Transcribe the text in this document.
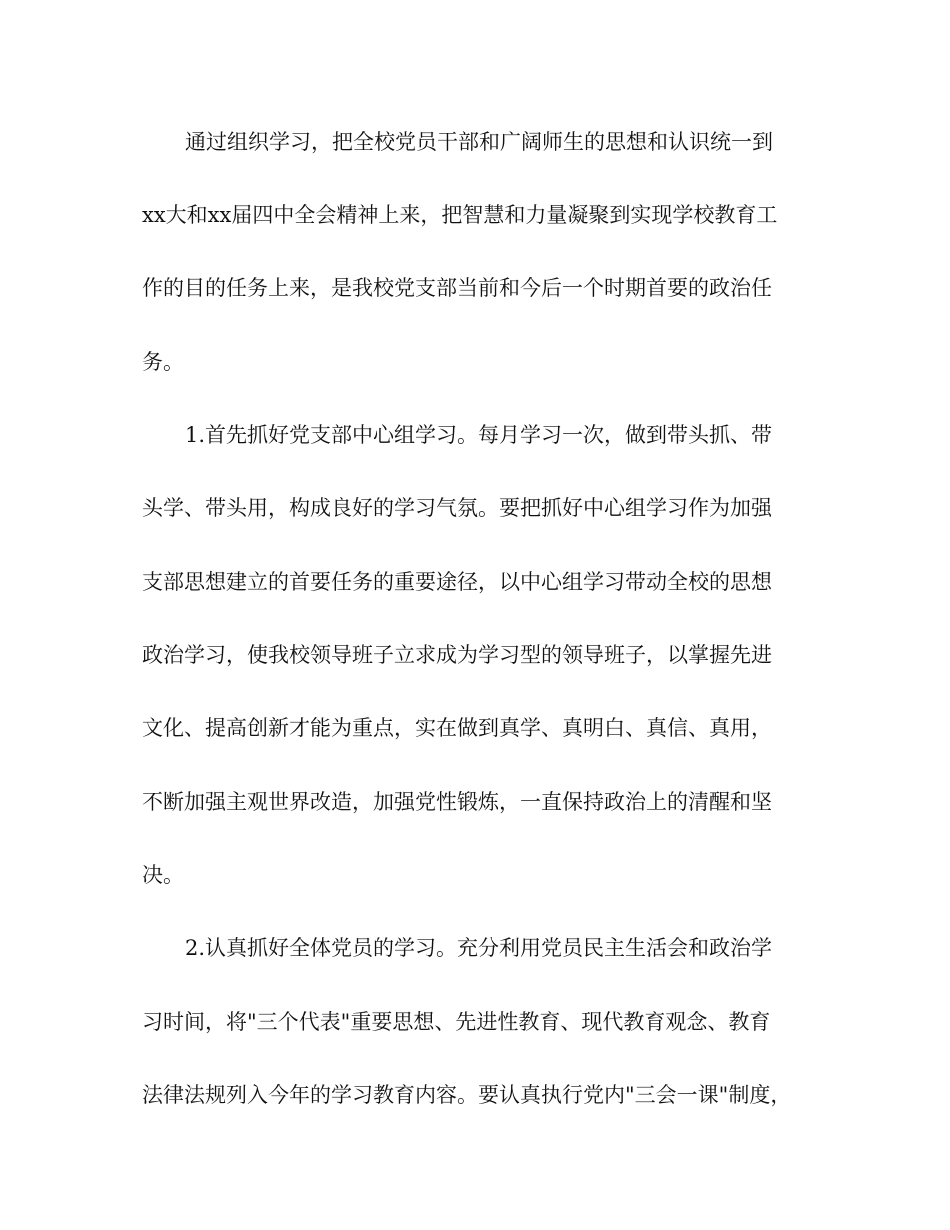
通过组织学习，把全校党员干部和广阔师生的思想和认识统一到
xx大和xx届四中全会精神上来，把智慧和力量凝聚到实现学校教育工
作的目的任务上来，是我校党支部当前和今后一个时期首要的政治任
务。
1.首先抓好党支部中心组学习。每月学习一次，做到带头抓、带
头学、带头用，构成良好的学习气氛。要把抓好中心组学习作为加强
支部思想建立的首要任务的重要途径，以中心组学习带动全校的思想
政治学习，使我校领导班子立求成为学习型的领导班子，以掌握先进
文化、提高创新才能为重点，实在做到真学、真明白、真信、真用，
不断加强主观世界改造，加强党性锻炼，一直保持政治上的清醒和坚
决。
2.认真抓好全体党员的学习。充分利用党员民主生活会和政治学
习时间，将"三个代表"重要思想、先进性教育、现代教育观念、教育
法律法规列入今年的学习教育内容。要认真执行党内"三会一课"制度，
